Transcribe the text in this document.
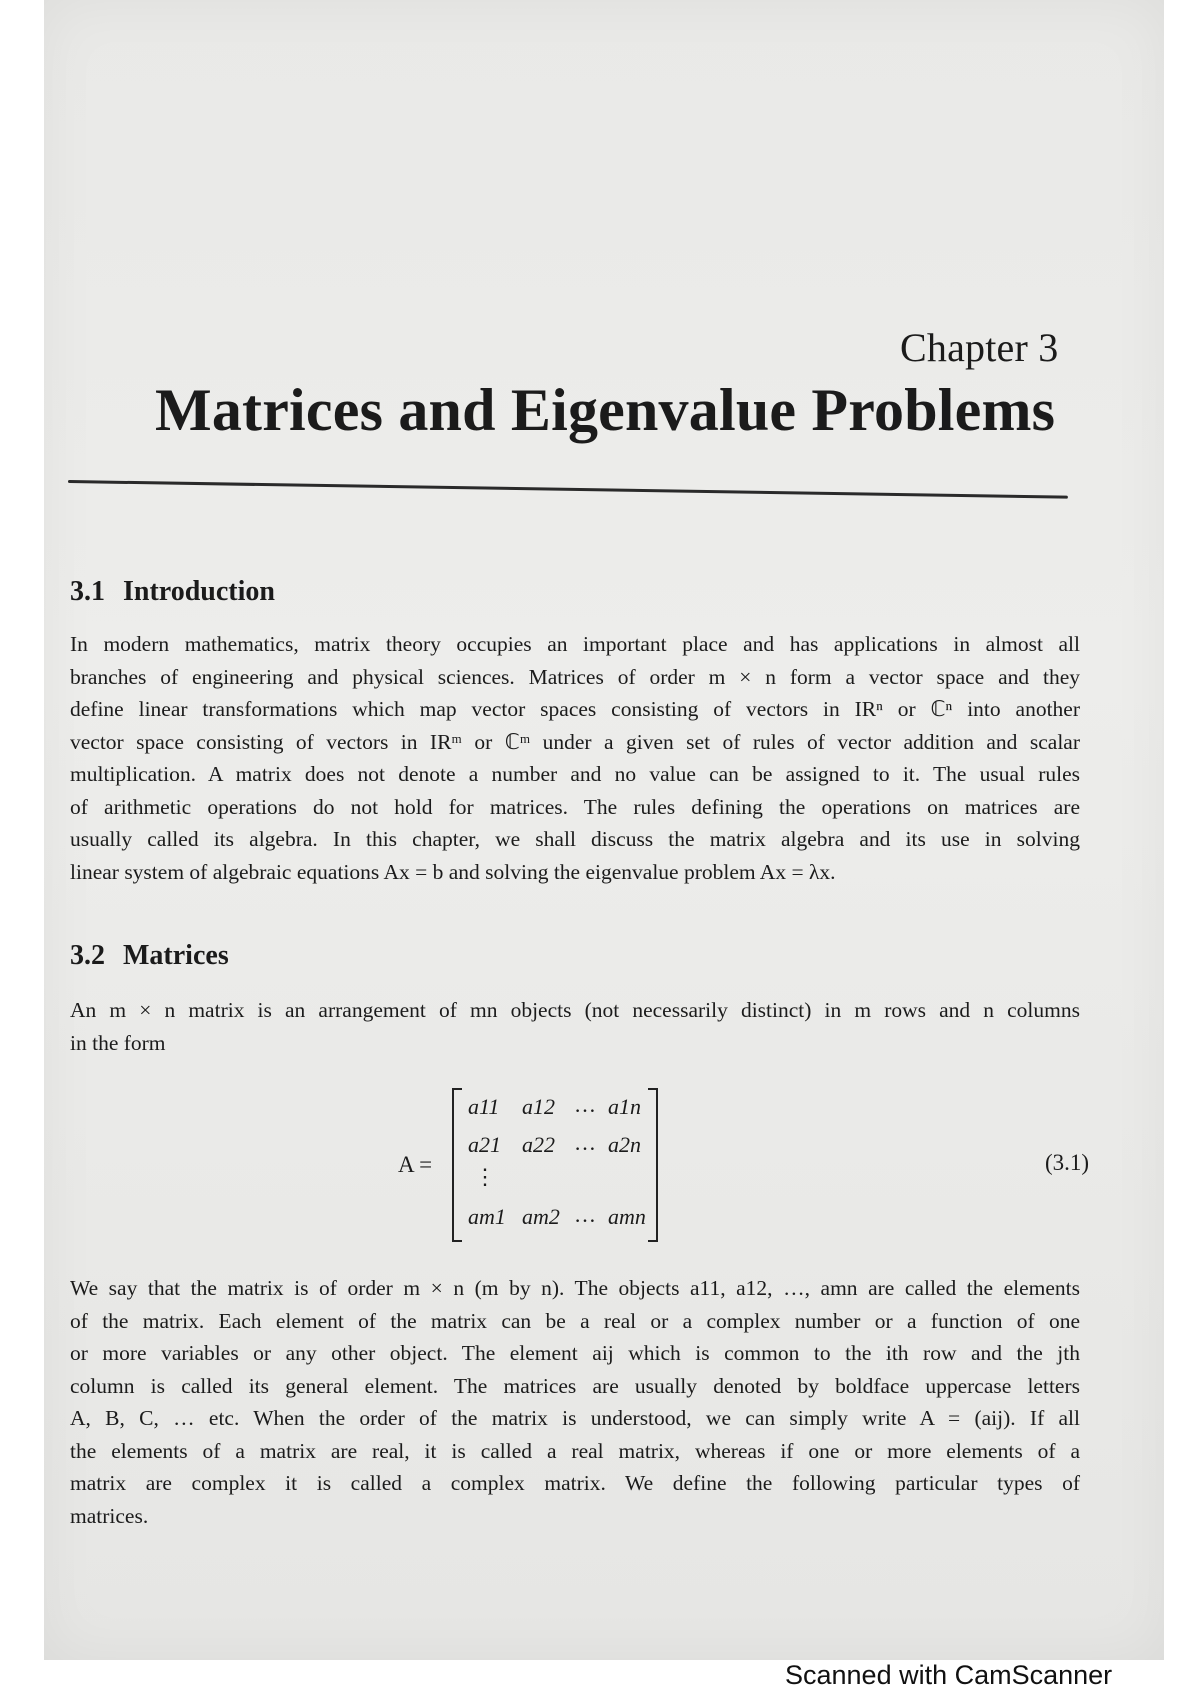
Chapter 3
Matrices and Eigenvalue Problems
3.1 Introduction
In modern mathematics, matrix theory occupies an important place and has applications in almost all
branches of engineering and physical sciences. Matrices of order m × n form a vector space and they
define linear transformations which map vector spaces consisting of vectors in IRⁿ or ℂⁿ into another
vector space consisting of vectors in IRᵐ or ℂᵐ under a given set of rules of vector addition and scalar
multiplication. A matrix does not denote a number and no value can be assigned to it. The usual rules
of arithmetic operations do not hold for matrices. The rules defining the operations on matrices are
usually called its algebra. In this chapter, we shall discuss the matrix algebra and its use in solving
linear system of algebraic equations Ax = b and solving the eigenvalue problem Ax = λx.
3.2 Matrices
An m × n matrix is an arrangement of mn objects (not necessarily distinct) in m rows and n columns
in the form
A =
a11 a12 … a1n
a21 a22 … a2n
⋮
am1 am2 … amn
(3.1)
We say that the matrix is of order m × n (m by n). The objects a11, a12, …, amn are called the elements
of the matrix. Each element of the matrix can be a real or a complex number or a function of one
or more variables or any other object. The element aij which is common to the ith row and the jth
column is called its general element. The matrices are usually denoted by boldface uppercase letters
A, B, C, … etc. When the order of the matrix is understood, we can simply write A = (aij). If all
the elements of a matrix are real, it is called a real matrix, whereas if one or more elements of a
matrix are complex it is called a complex matrix. We define the following particular types of
matrices.
Scanned with CamScanner
